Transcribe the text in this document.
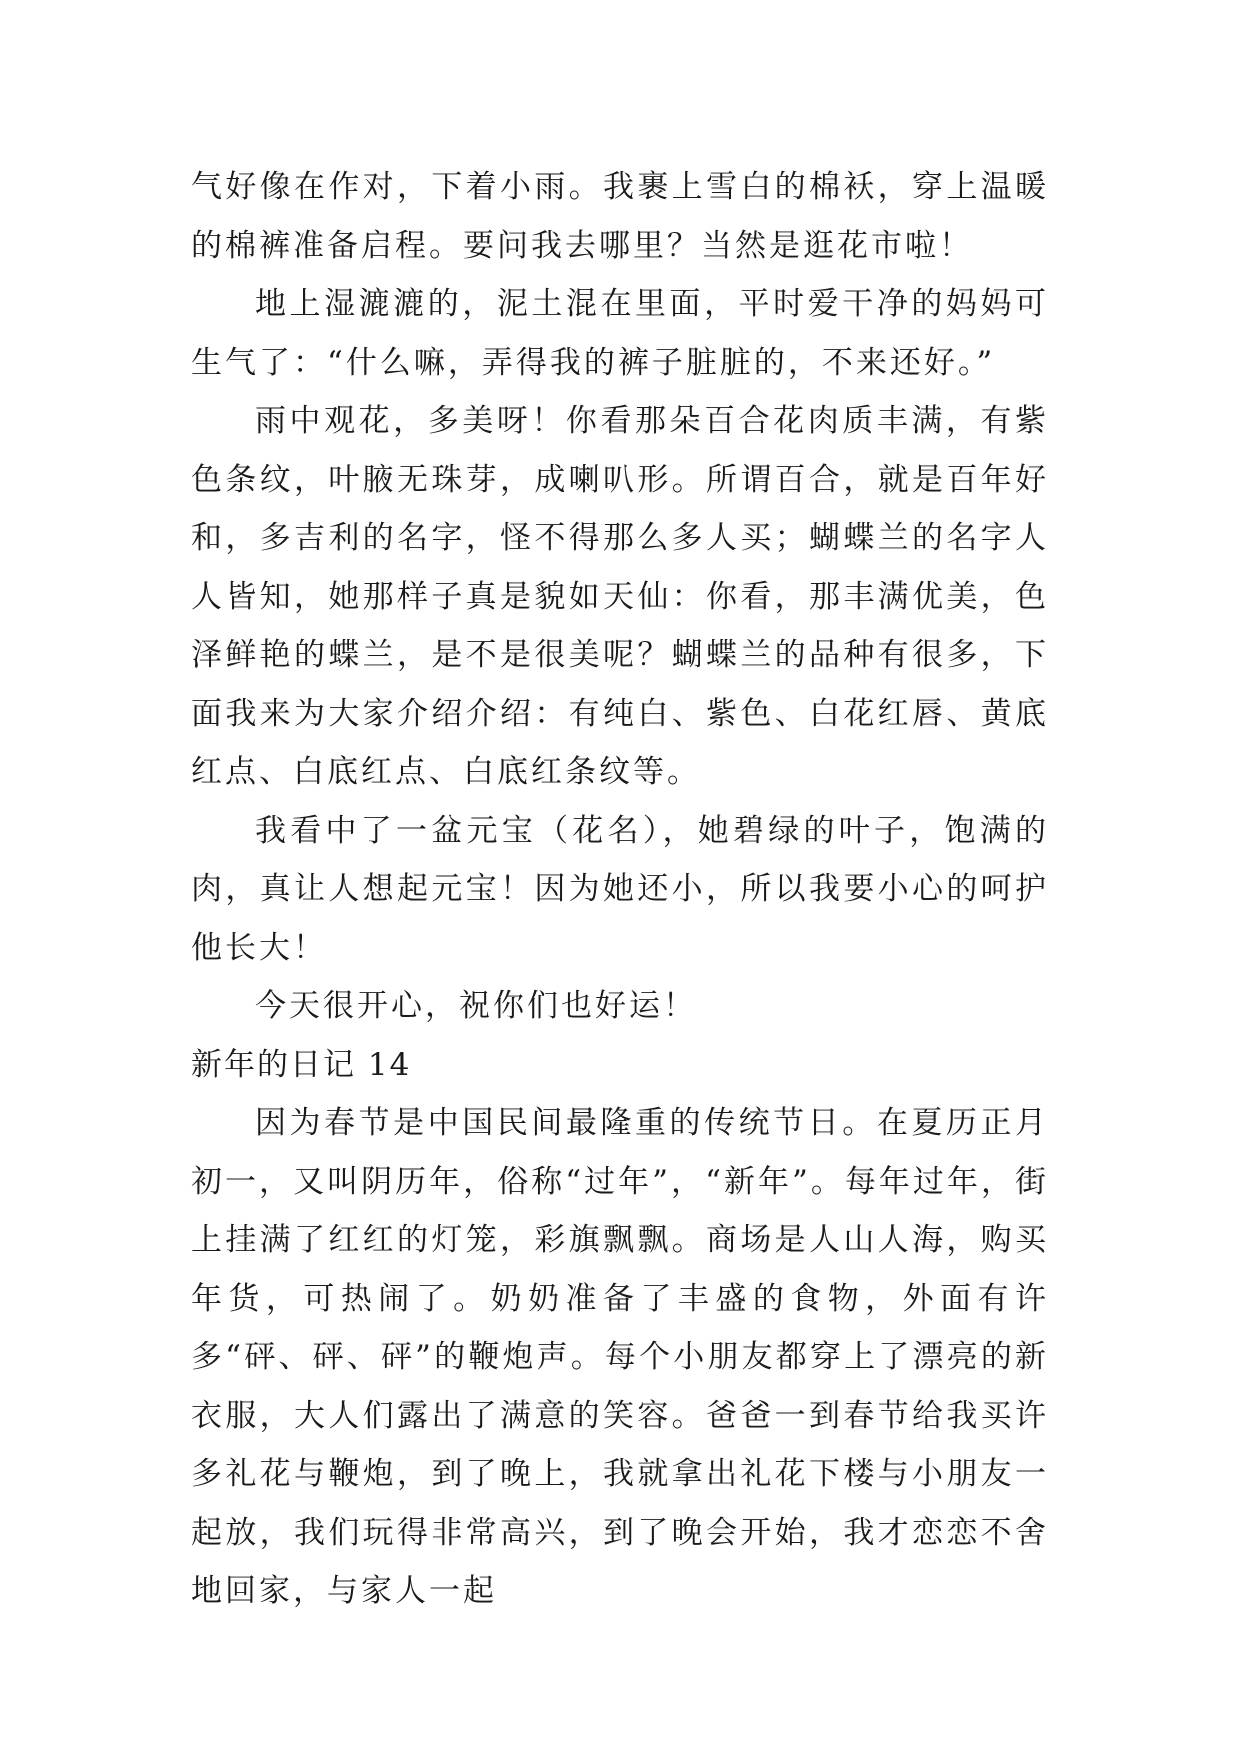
气好像在作对，下着小雨。我裹上雪白的棉袄，穿上温暖的棉裤准备启程。要问我去哪里？当然是逛花市啦！

地上湿漉漉的，泥土混在里面，平时爱干净的妈妈可生气了：“什么嘛，弄得我的裤子脏脏的，不来还好。”

雨中观花，多美呀！你看那朵百合花肉质丰满，有紫色条纹，叶腋无珠芽，成喇叭形。所谓百合，就是百年好和，多吉利的名字，怪不得那么多人买；蝴蝶兰的名字人人皆知，她那样子真是貌如天仙：你看，那丰满优美，色泽鲜艳的蝶兰，是不是很美呢？蝴蝶兰的品种有很多，下面我来为大家介绍介绍：有纯白、紫色、白花红唇、黄底红点、白底红点、白底红条纹等。

我看中了一盆元宝（花名），她碧绿的叶子，饱满的肉，真让人想起元宝！因为她还小，所以我要小心的呵护他长大！

今天很开心，祝你们也好运！

新年的日记 14

因为春节是中国民间最隆重的传统节日。在夏历正月初一，又叫阴历年，俗称“过年”，“新年”。每年过年，街上挂满了红红的灯笼，彩旗飘飘。商场是人山人海，购买年货，可热闹了。奶奶准备了丰盛的食物，外面有许多“砰、砰、砰”的鞭炮声。每个小朋友都穿上了漂亮的新衣服，大人们露出了满意的笑容。爸爸一到春节给我买许多礼花与鞭炮，到了晚上，我就拿出礼花下楼与小朋友一起放，我们玩得非常高兴，到了晚会开始，我才恋恋不舍地回家，与家人一起
